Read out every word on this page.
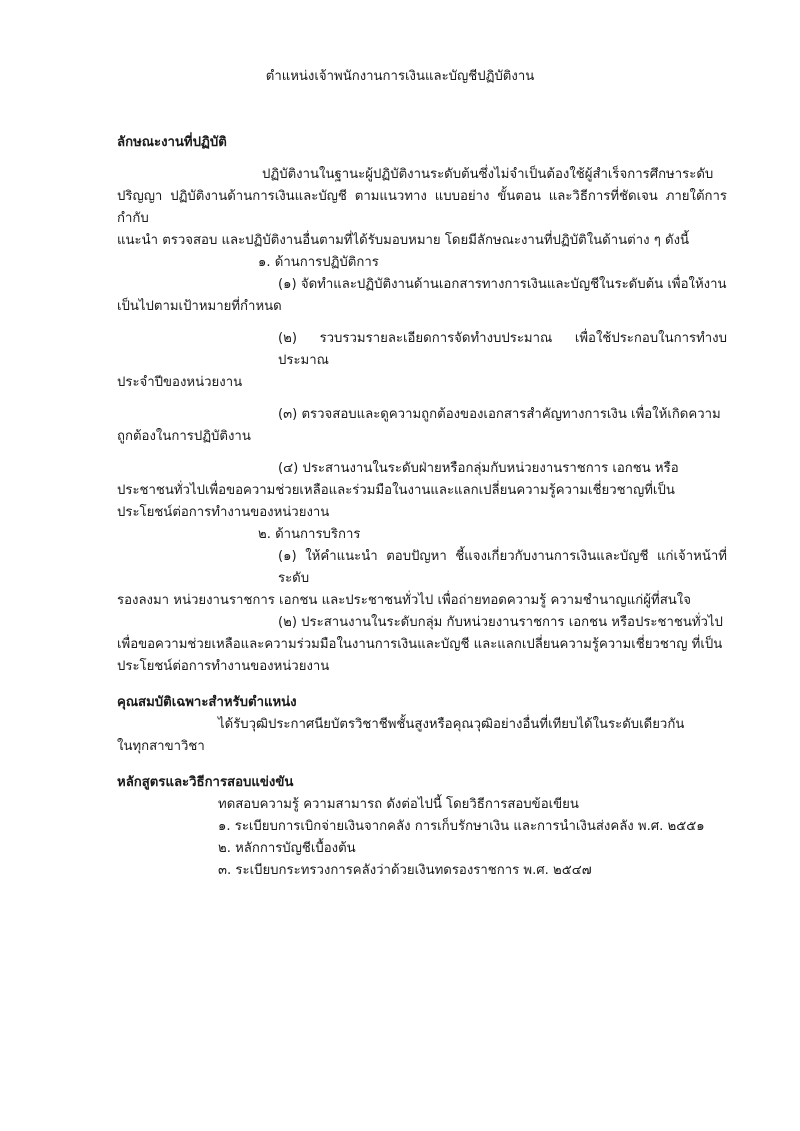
ตำแหน่งเจ้าพนักงานการเงินและบัญชีปฏิบัติงาน
ลักษณะงานที่ปฏิบัติ
ปฏิบัติงานในฐานะผู้ปฏิบัติงานระดับต้นซึ่งไม่จำเป็นต้องใช้ผู้สำเร็จการศึกษาระดับ
ปริญญา ปฏิบัติงานด้านการเงินและบัญชี ตามแนวทาง แบบอย่าง ขั้นตอน และวิธีการที่ชัดเจน ภายใต้การกำกับ
แนะนำ ตรวจสอบ และปฏิบัติงานอื่นตามที่ได้รับมอบหมาย โดยมีลักษณะงานที่ปฏิบัติในด้านต่าง ๆ ดังนี้
๑. ด้านการปฏิบัติการ
(๑) จัดทำและปฏิบัติงานด้านเอกสารทางการเงินและบัญชีในระดับต้น เพื่อให้งาน
เป็นไปตามเป้าหมายที่กำหนด
(๒) รวบรวมรายละเอียดการจัดทำงบประมาณ เพื่อใช้ประกอบในการทำงบประมาณ
ประจำปีของหน่วยงาน
(๓) ตรวจสอบและดูความถูกต้องของเอกสารสำคัญทางการเงิน เพื่อให้เกิดความ
ถูกต้องในการปฏิบัติงาน
(๔) ประสานงานในระดับฝ่ายหรือกลุ่มกับหน่วยงานราชการ เอกชน หรือ
ประชาชนทั่วไปเพื่อขอความช่วยเหลือและร่วมมือในงานและแลกเปลี่ยนความรู้ความเชี่ยวชาญที่เป็น
ประโยชน์ต่อการทำงานของหน่วยงาน
๒. ด้านการบริการ
(๑) ให้คำแนะนำ ตอบปัญหา ชี้แจงเกี่ยวกับงานการเงินและบัญชี แก่เจ้าหน้าที่ระดับ
รองลงมา หน่วยงานราชการ เอกชน และประชาชนทั่วไป เพื่อถ่ายทอดความรู้ ความชำนาญแก่ผู้ที่สนใจ
(๒) ประสานงานในระดับกลุ่ม กับหน่วยงานราชการ เอกชน หรือประชาชนทั่วไป
เพื่อขอความช่วยเหลือและความร่วมมือในงานการเงินและบัญชี และแลกเปลี่ยนความรู้ความเชี่ยวชาญ ที่เป็น
ประโยชน์ต่อการทำงานของหน่วยงาน
คุณสมบัติเฉพาะสำหรับตำแหน่ง
ได้รับวุฒิประกาศนียบัตรวิชาชีพชั้นสูงหรือคุณวุฒิอย่างอื่นที่เทียบได้ในระดับเดียวกัน
ในทุกสาขาวิชา
หลักสูตรและวิธีการสอบแข่งขัน
ทดสอบความรู้ ความสามารถ ดังต่อไปนี้ โดยวิธีการสอบข้อเขียน
๑. ระเบียบการเบิกจ่ายเงินจากคลัง การเก็บรักษาเงิน และการนำเงินส่งคลัง พ.ศ. ๒๕๕๑
๒. หลักการบัญชีเบื้องต้น
๓. ระเบียบกระทรวงการคลังว่าด้วยเงินทดรองราชการ พ.ศ. ๒๕๔๗
